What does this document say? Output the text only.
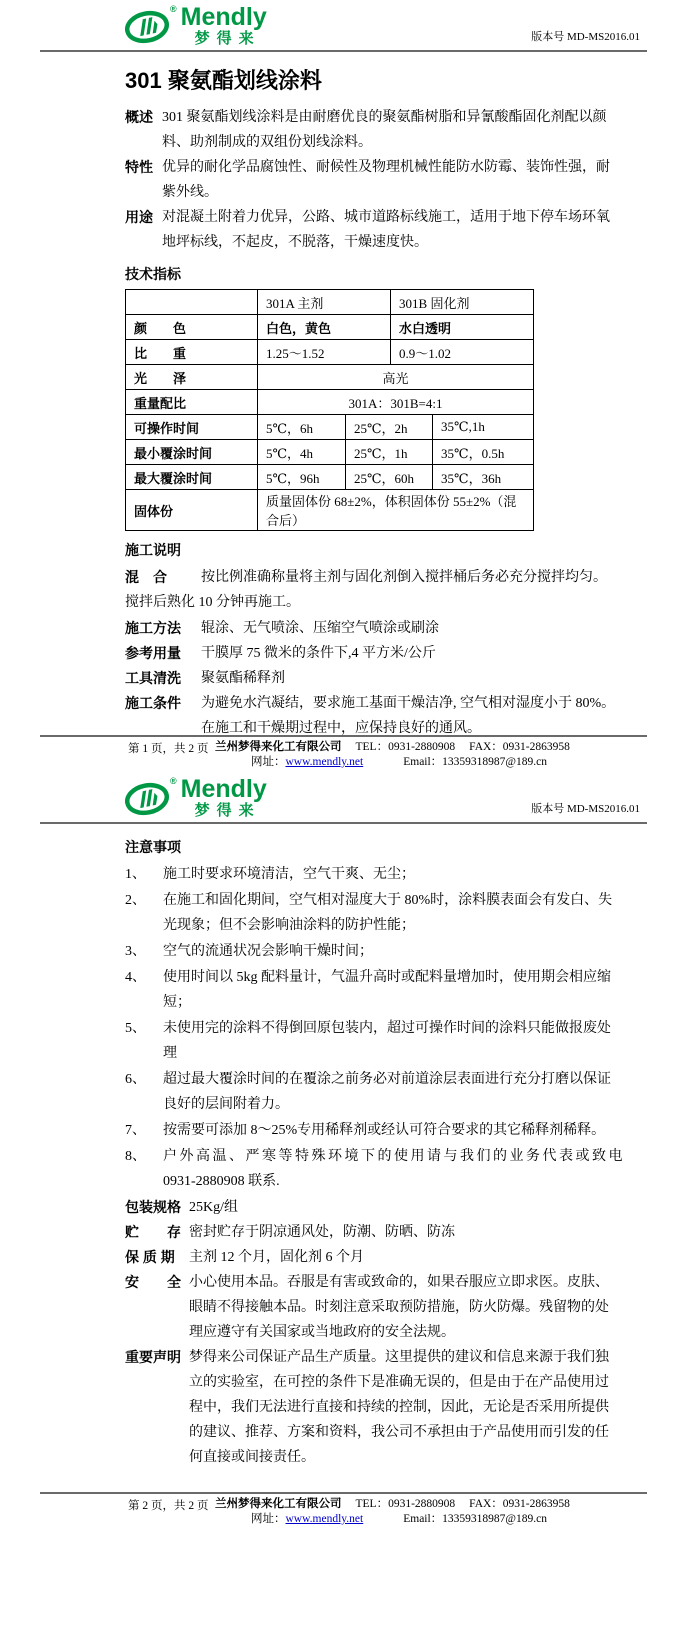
® Mendly
梦得来	版本号 MD-MS2016.01
301 聚氨酯划线涂料
概述 301 聚氨酯划线涂料是由耐磨优良的聚氨酯树脂和异氰酸酯固化剂配以颜
料、助剂制成的双组份划线涂料。
特性 优异的耐化学品腐蚀性、耐候性及物理机械性能防水防霉、装饰性强，耐
紫外线。
用途 对混凝土附着力优异，公路、城市道路标线施工，适用于地下停车场环氧
地坪标线，不起皮，不脱落，干燥速度快。
技术指标
	301A 主剂		301B 固化剂	
颜　　色	白色，黄色		水白透明	
比　　重	1.25～1.52		0.9～1.02	
光　　泽	高光			
重量配比	301A：301B=4:1			
可操作时间	5℃，6h	25℃，2h		35℃,1h
最小覆涂时间	5℃，4h	25℃，1h		35℃，0.5h
最大覆涂时间	5℃，96h	25℃，60h		35℃，36h
固体份	质量固体份 68±2%，体积固体份 55±2%（混合后）			
施工说明
混　合	按比例准确称量将主剂与固化剂倒入搅拌桶后务必充分搅拌均匀。
搅拌后熟化 10 分钟再施工。
施工方法	辊涂、无气喷涂、压缩空气喷涂或刷涂
参考用量	干膜厚 75 微米的条件下,4 平方米/公斤
工具清洗	聚氨酯稀释剂
施工条件	为避免水汽凝结，要求施工基面干燥洁净, 空气相对湿度小于 80%。
在施工和干燥期过程中，应保持良好的通风。
第 1 页，共 2 页 兰州梦得来化工有限公司 TEL：0931-2880908 FAX：0931-2863958
网址：www.mendly.net	Email：13359318987@189.cn
® Mendly
梦得来	版本号 MD-MS2016.01
注意事项
1、	施工时要求环境清洁，空气干爽、无尘；
2、	在施工和固化期间，空气相对湿度大于 80%时，涂料膜表面会有发白、失
光现象；但不会影响油涂料的防护性能；
3、	空气的流通状况会影响干燥时间；
4、	使用时间以 5kg 配料量计，气温升高时或配料量增加时，使用期会相应缩
短；
5、	未使用完的涂料不得倒回原包装内，超过可操作时间的涂料只能做报废处
理
6、	超过最大覆涂时间的在覆涂之前务必对前道涂层表面进行充分打磨以保证
良好的层间附着力。
7、	按需要可添加 8～25%专用稀释剂或经认可符合要求的其它稀释剂稀释。
8、	户外高温、严寒等特殊环境下的使用请与我们的业务代表或致电
0931-2880908 联系.
包装规格 25Kg/组
贮　　存 密封贮存于阴凉通风处，防潮、防晒、防冻
保 质 期	主剂 12 个月，固化剂 6 个月
安　　全 小心使用本品。吞服是有害或致命的，如果吞服应立即求医。皮肤、
眼睛不得接触本品。时刻注意采取预防措施，防火防爆。残留物的处
理应遵守有关国家或当地政府的安全法规。
重要声明 梦得来公司保证产品生产质量。这里提供的建议和信息来源于我们独
立的实验室，在可控的条件下是准确无误的，但是由于在产品使用过
程中，我们无法进行直接和持续的控制，因此，无论是否采用所提供
的建议、推荐、方案和资料，我公司不承担由于产品使用而引发的任
何直接或间接责任。
第 2 页，共 2 页 兰州梦得来化工有限公司 TEL：0931-2880908 FAX：0931-2863958
网址：www.mendly.net	Email：13359318987@189.cn
